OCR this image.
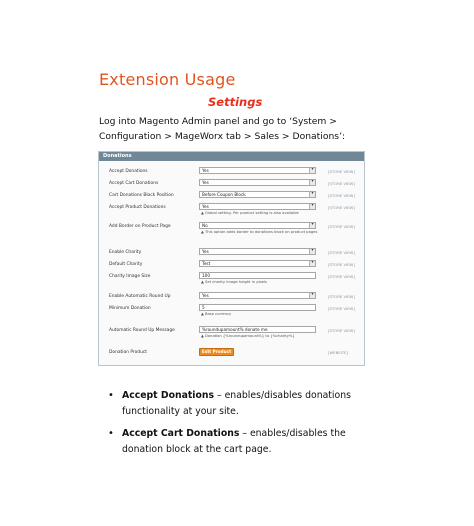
Extension Usage
Settings
Log into Magento Admin panel and go to ‘System > Configuration > MageWorx tab > Sales > Donations’:
Donations
Accept Donations	Yes ▾	[STORE VIEW]
Accept Cart Donations	Yes ▾	[STORE VIEW]
Cart Donations Block Position	Before Coupon Block ▾	[STORE VIEW]
Accept Product Donations	Yes ▾	[STORE VIEW]
▲ Global setting. Per product setting is also available
Add Border on Product Page	No ▾	[STORE VIEW]
▲ This option adds border to donations block on product pages
Enable Charity	Yes ▾	[STORE VIEW]
Default Charity	Test ▾	[STORE VIEW]
Charity Image Size	100	[STORE VIEW]
▲ Set charity image height in pixels
Enable Automatic Round Up	Yes ▾	[STORE VIEW]
Minimum Donation	5	[STORE VIEW]
▲ Base currency
Automatic Round Up Message	%roundupamount% donate me	[STORE VIEW]
▲ Donation {%roundupamount%} to {%charity%}
Donation Product	Edit Product	[WEBSITE]
• Accept Donations – enables/disables donations functionality at your site.
• Accept Cart Donations – enables/disables the donation block at the cart page.
